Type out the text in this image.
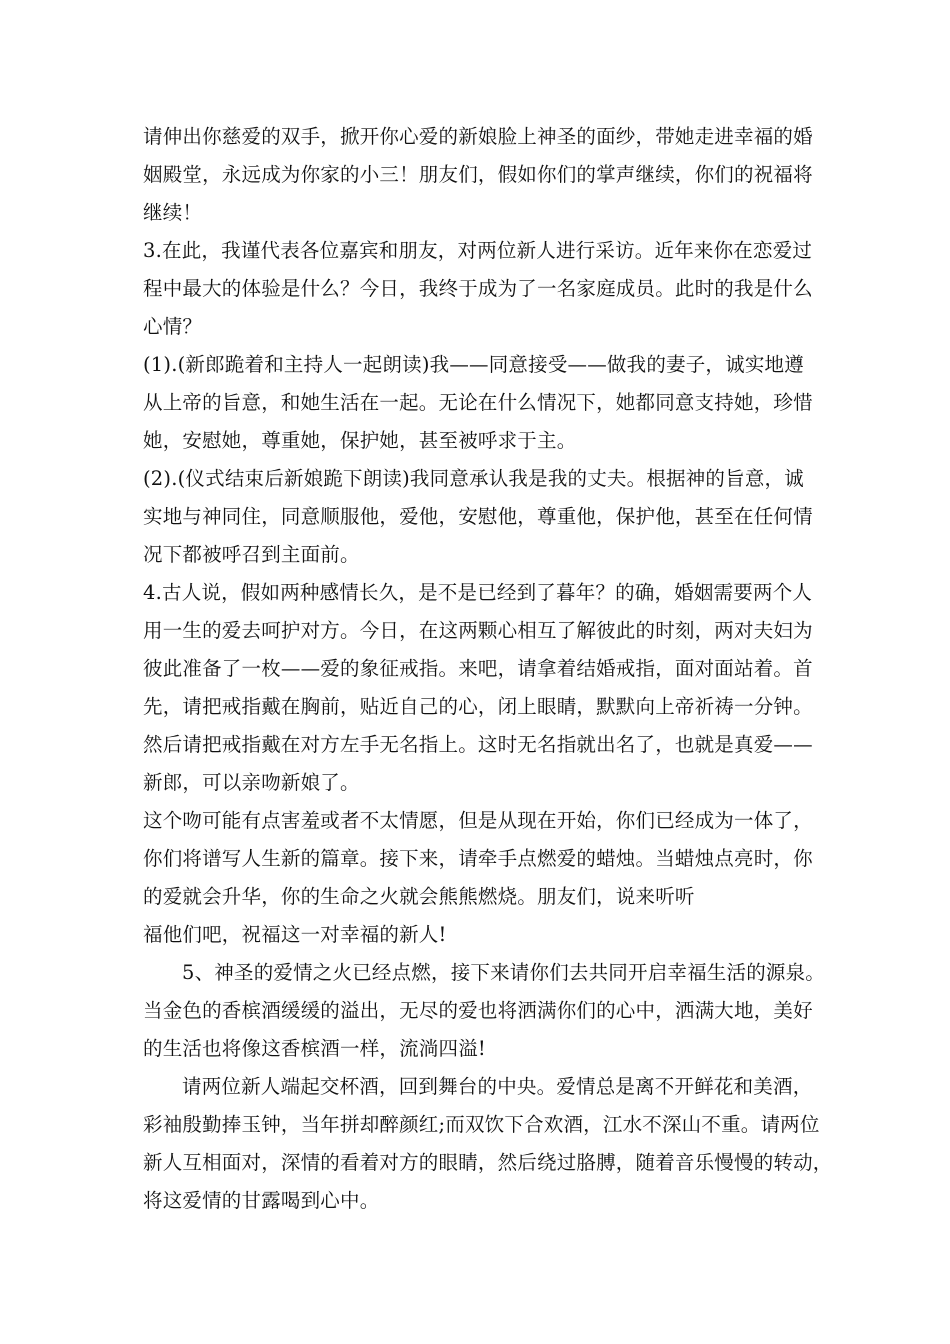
请伸出你慈爱的双手，掀开你心爱的新娘脸上神圣的面纱，带她走进幸福的婚
姻殿堂，永远成为你家的小三！朋友们，假如你们的掌声继续，你们的祝福将
继续！
3.在此，我谨代表各位嘉宾和朋友，对两位新人进行采访。近年来你在恋爱过
程中最大的体验是什么？今日，我终于成为了一名家庭成员。此时的我是什么
心情？
(1).(新郎跪着和主持人一起朗读)我——同意接受——做我的妻子，诚实地遵
从上帝的旨意，和她生活在一起。无论在什么情况下，她都同意支持她，珍惜
她，安慰她，尊重她，保护她，甚至被呼求于主。
(2).(仪式结束后新娘跪下朗读)我同意承认我是我的丈夫。根据神的旨意，诚
实地与神同住，同意顺服他，爱他，安慰他，尊重他，保护他，甚至在任何情
况下都被呼召到主面前。
4.古人说，假如两种感情长久，是不是已经到了暮年？的确，婚姻需要两个人
用一生的爱去呵护对方。今日，在这两颗心相互了解彼此的时刻，两对夫妇为
彼此准备了一枚——爱的象征戒指。来吧，请拿着结婚戒指，面对面站着。首
先，请把戒指戴在胸前，贴近自己的心，闭上眼睛，默默向上帝祈祷一分钟。
然后请把戒指戴在对方左手无名指上。这时无名指就出名了，也就是真爱——
新郎，可以亲吻新娘了。
这个吻可能有点害羞或者不太情愿，但是从现在开始，你们已经成为一体了，
你们将谱写人生新的篇章。接下来，请牵手点燃爱的蜡烛。当蜡烛点亮时，你
的爱就会升华，你的生命之火就会熊熊燃烧。朋友们，说来听听
福他们吧，祝福这一对幸福的新人!
5、神圣的爱情之火已经点燃，接下来请你们去共同开启幸福生活的源泉。
当金色的香槟酒缓缓的溢出，无尽的爱也将洒满你们的心中，洒满大地，美好
的生活也将像这香槟酒一样，流淌四溢!
请两位新人端起交杯酒，回到舞台的中央。爱情总是离不开鲜花和美酒，
彩袖殷勤捧玉钟，当年拼却醉颜红;而双饮下合欢酒，江水不深山不重。请两位
新人互相面对，深情的看着对方的眼睛，然后绕过胳膊，随着音乐慢慢的转动，
将这爱情的甘露喝到心中。
